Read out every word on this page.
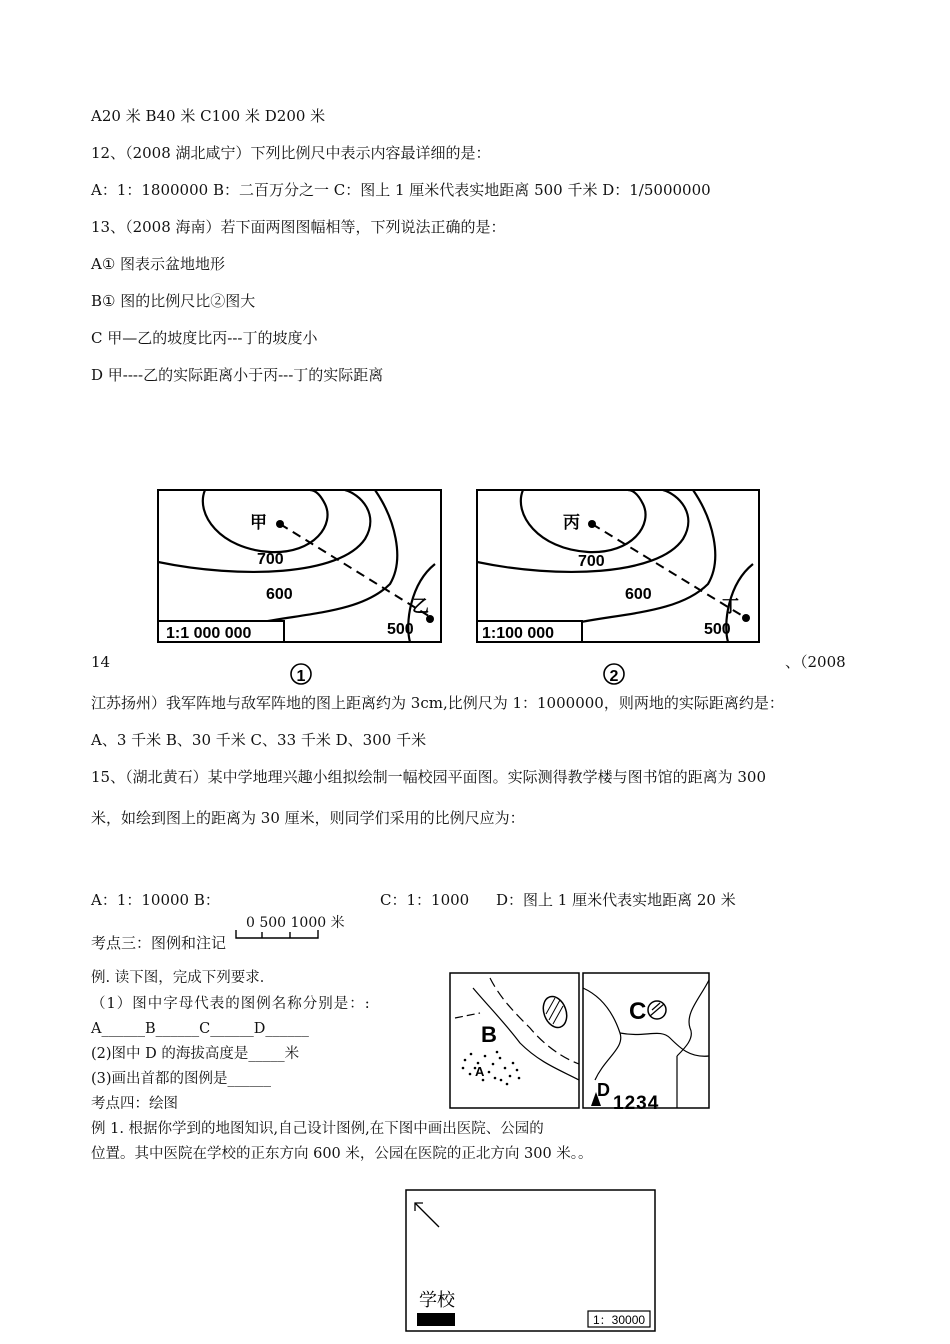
A20 米 B40 米 C100 米 D200 米
12、（2008 湖北咸宁）下列比例尺中表示内容最详细的是：
A：1：1800000 B：二百万分之一 C：图上 1 厘米代表实地距离 500 千米 D：1/5000000
13、（2008 海南）若下面两图图幅相等，下列说法正确的是：
A① 图表示盆地地形
B① 图的比例尺比②图大
C 甲—乙的坡度比丙---丁的坡度小
D 甲----乙的实际距离小于丙---丁的实际距离
甲
乙
700
600
500
1:1 000 000
1
丙
丁
700
600
500
1:100 000
2
14	、（2008
江苏扬州）我军阵地与敌军阵地的图上距离约为 3cm,比例尺为 1：1000000，则两地的实际距离约是：
A、3 千米 B、30 千米 C、33 千米 D、300 千米
15、（湖北黄石）某中学地理兴趣小组拟绘制一幅校园平面图。实际测得教学楼与图书馆的距离为 300
米，如绘到图上的距离为 30 厘米，则同学们采用的比例尺应为：
A：1：10000 B：	C：1：1000 D：图上 1 厘米代表实地距离 20 米
0 500 1000 米
考点三：图例和注记
例. 读下图，完成下列要求．
（1）图中字母代表的图例名称分别是：:
A______B______C______D______
(2)图中 D 的海拔高度是_____米
(3)画出首都的图例是______
B
A
C
D
1234
考点四：绘图
例 1. 根据你学到的地图知识,自己设计图例,在下图中画出医院、公园的
位置。其中医院在学校的正东方向 600 米，公园在医院的正北方向 300 米。。
学校
1：30000
